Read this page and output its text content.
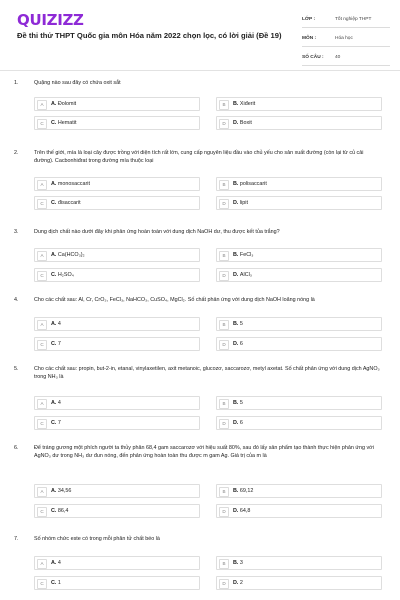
QUIZIZZ
Đề thi thử THPT Quốc gia môn Hóa năm 2022 chọn lọc, có lời giải (Đề 19)
LỚP :	Tốt nghiệp THPT
MÔN :	Hóa học
SỐ CÂU :	40
1.	Quặng nào sau đây có chứa oxit sắt
A	A. Đolomit	B	B. Xiđerit
C	C. Hematit	D	D. Boxit
2.	Trên thế giới, mía là loại cây được trồng với diện tích rất lớn, cung cấp nguyên liệu đầu vào chủ yếu cho sản xuất đường (còn lại từ củ cải đường). Cacbonhiđrat trong đường mía thuộc loại
A	A. monosaccarit	B	B. polisaccarit
C	C. đisaccarit	D	D. lipit
3.	Dung dịch chất nào dưới đây khi phản ứng hoàn toàn với dung dịch NaOH dư, thu được kết tủa trắng?
A	A. Ca(HCO₃)₂	B	B. FeCl₃
C	C. H₂SO₄	D	D. AlCl₃
4.	Cho các chất sau: Al, Cr, CrO₃, FeCl₃, NaHCO₃, CuSO₄, MgCl₂. Số chất phản ứng với dung dịch NaOH loãng nóng là
A	A. 4	B	B. 5
C	C. 7	D	D. 6
5.	Cho các chất sau: propin, but-2-in, etanal, vinylaxetilen, axit metanoic, glucozơ, saccarozơ, metyl axetat. Số chất phản ứng với dung dịch AgNO₃ trong NH₃ là
A	A. 4	B	B. 5
C	C. 7	D	D. 6
6.	Để tráng gương một phích người ta thủy phân 68,4 gam saccarozơ với hiệu suất 80%, sau đó lấy sản phẩm tạo thành thực hiện phản ứng với AgNO₃ dư trong NH₃ dư đun nóng, đến phản ứng hoàn toàn thu được m gam Ag. Giá trị của m là
A	A. 34,56	B	B. 69,12
C	C. 86,4	D	D. 64,8
7.	Số nhóm chức este có trong mỗi phân tử chất béo là
A	A. 4	B	B. 3
C	C. 1	D	D. 2
